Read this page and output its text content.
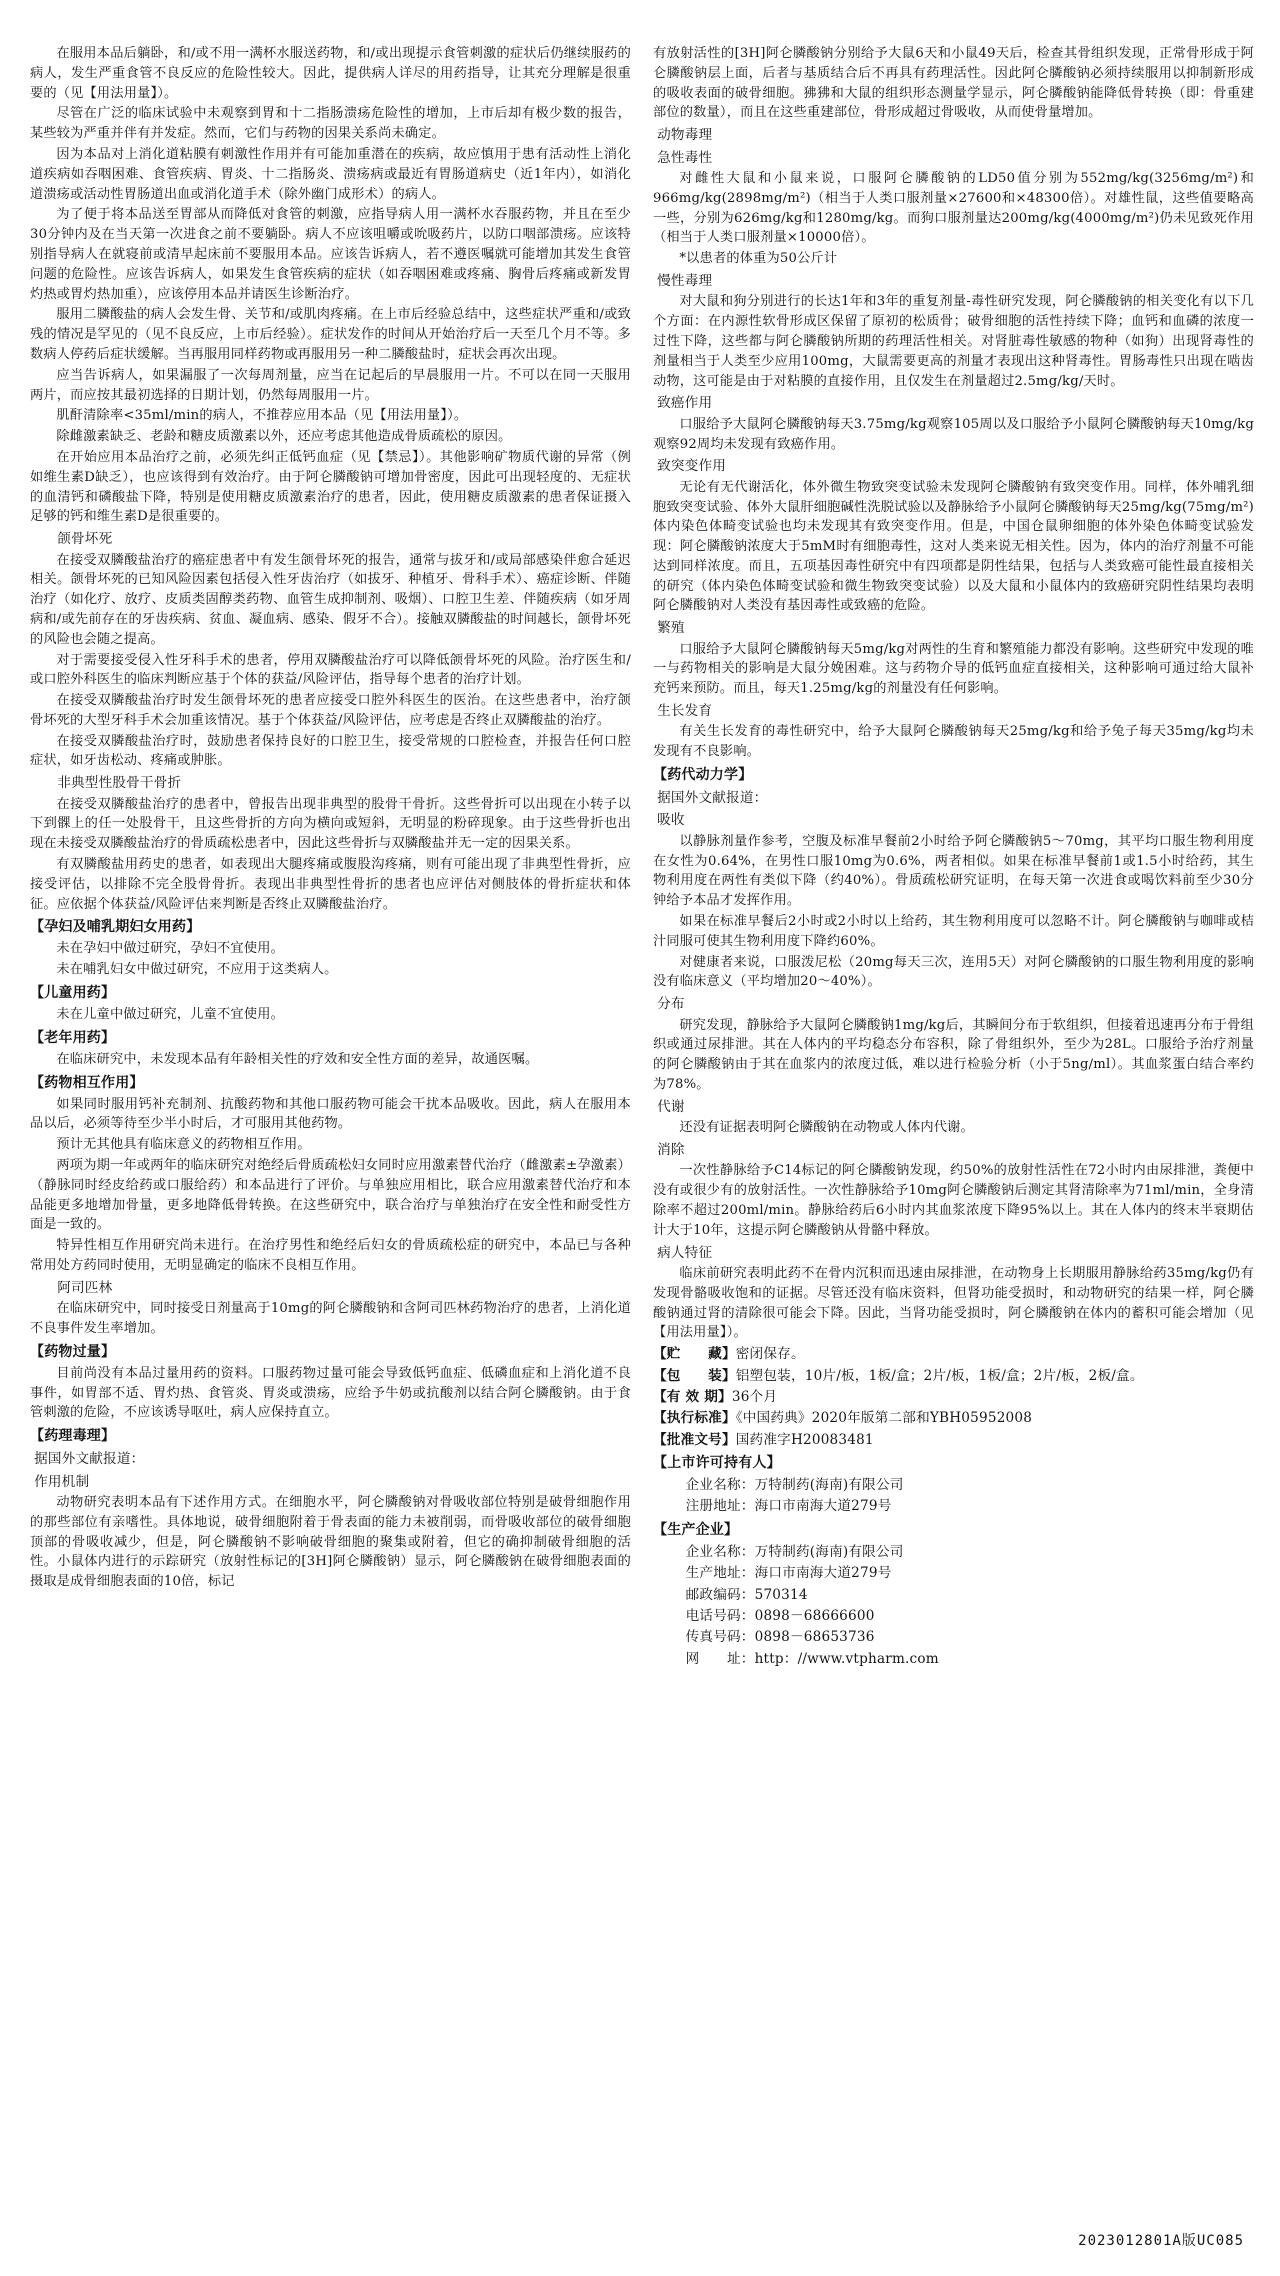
在服用本品后躺卧，和/或不用一满杯水服送药物，和/或出现提示食管刺激的症状后仍继续服药的病人，发生严重食管不良反应的危险性较大。因此，提供病人详尽的用药指导，让其充分理解是很重要的（见【用法用量】）。

尽管在广泛的临床试验中未观察到胃和十二指肠溃疡危险性的增加，上市后却有极少数的报告，某些较为严重并伴有并发症。然而，它们与药物的因果关系尚未确定。

因为本品对上消化道粘膜有刺激性作用并有可能加重潜在的疾病，故应慎用于患有活动性上消化道疾病如吞咽困难、食管疾病、胃炎、十二指肠炎、溃疡病或最近有胃肠道病史（近1年内），如消化道溃疡或活动性胃肠道出血或消化道手术（除外幽门成形术）的病人。

为了便于将本品送至胃部从而降低对食管的刺激，应指导病人用一满杯水吞服药物，并且在至少30分钟内及在当天第一次进食之前不要躺卧。病人不应该咀嚼或吮吸药片，以防口咽部溃疡。应该特别指导病人在就寝前或清早起床前不要服用本品。应该告诉病人，若不遵医嘱就可能增加其发生食管问题的危险性。应该告诉病人，如果发生食管疾病的症状（如吞咽困难或疼痛、胸骨后疼痛或新发胃灼热或胃灼热加重），应该停用本品并请医生诊断治疗。

服用二膦酸盐的病人会发生骨、关节和/或肌肉疼痛。在上市后经验总结中，这些症状严重和/或致残的情况是罕见的（见不良反应，上市后经验）。症状发作的时间从开始治疗后一天至几个月不等。多数病人停药后症状缓解。当再服用同样药物或再服用另一种二膦酸盐时，症状会再次出现。

应当告诉病人，如果漏服了一次每周剂量，应当在记起后的早晨服用一片。不可以在同一天服用两片，而应按其最初选择的日期计划，仍然每周服用一片。

肌酐清除率<35ml/min的病人，不推荐应用本品（见【用法用量】）。

除雌激素缺乏、老龄和糖皮质激素以外，还应考虑其他造成骨质疏松的原因。

在开始应用本品治疗之前，必须先纠正低钙血症（见【禁忌】）。其他影响矿物质代谢的异常（例如维生素D缺乏），也应该得到有效治疗。由于阿仑膦酸钠可增加骨密度，因此可出现轻度的、无症状的血清钙和磷酸盐下降，特别是使用糖皮质激素治疗的患者，因此，使用糖皮质激素的患者保证摄入足够的钙和维生素D是很重要的。

颌骨坏死

在接受双膦酸盐治疗的癌症患者中有发生颌骨坏死的报告，通常与拔牙和/或局部感染伴愈合延迟相关。颌骨坏死的已知风险因素包括侵入性牙齿治疗（如拔牙、种植牙、骨科手术）、癌症诊断、伴随治疗（如化疗、放疗、皮质类固醇类药物、血管生成抑制剂、吸烟）、口腔卫生差、伴随疾病（如牙周病和/或先前存在的牙齿疾病、贫血、凝血病、感染、假牙不合）。接触双膦酸盐的时间越长，颌骨坏死的风险也会随之提高。

对于需要接受侵入性牙科手术的患者，停用双膦酸盐治疗可以降低颌骨坏死的风险。治疗医生和/或口腔外科医生的临床判断应基于个体的获益/风险评估，指导每个患者的治疗计划。

在接受双膦酸盐治疗时发生颌骨坏死的患者应接受口腔外科医生的医治。在这些患者中，治疗颌骨坏死的大型牙科手术会加重该情况。基于个体获益/风险评估，应考虑是否终止双膦酸盐的治疗。

在接受双膦酸盐治疗时，鼓励患者保持良好的口腔卫生，接受常规的口腔检查，并报告任何口腔症状，如牙齿松动、疼痛或肿胀。

非典型性股骨干骨折

在接受双膦酸盐治疗的患者中，曾报告出现非典型的股骨干骨折。这些骨折可以出现在小转子以下到髁上的任一处股骨干，且这些骨折的方向为横向或短斜，无明显的粉碎现象。由于这些骨折也出现在未接受双膦酸盐治疗的骨质疏松患者中，因此这些骨折与双膦酸盐并无一定的因果关系。

有双膦酸盐用药史的患者，如表现出大腿疼痛或腹股沟疼痛，则有可能出现了非典型性骨折，应接受评估，以排除不完全股骨骨折。表现出非典型性骨折的患者也应评估对侧肢体的骨折症状和体征。应依据个体获益/风险评估来判断是否终止双膦酸盐治疗。

【孕妇及哺乳期妇女用药】

未在孕妇中做过研究，孕妇不宜使用。

未在哺乳妇女中做过研究，不应用于这类病人。

【儿童用药】

未在儿童中做过研究，儿童不宜使用。

【老年用药】

在临床研究中，未发现本品有年龄相关性的疗效和安全性方面的差异，故通医嘱。

【药物相互作用】

如果同时服用钙补充制剂、抗酸药物和其他口服药物可能会干扰本品吸收。因此，病人在服用本品以后，必须等待至少半小时后，才可服用其他药物。

预计无其他具有临床意义的药物相互作用。

两项为期一年或两年的临床研究对绝经后骨质疏松妇女同时应用激素替代治疗（雌激素±孕激素）（静脉同时经皮给药或口服给药）和本品进行了评价。与单独应用相比，联合应用激素替代治疗和本品能更多地增加骨量，更多地降低骨转换。在这些研究中，联合治疗与单独治疗在安全性和耐受性方面是一致的。

特异性相互作用研究尚未进行。在治疗男性和绝经后妇女的骨质疏松症的研究中，本品已与各种常用处方药同时使用，无明显确定的临床不良相互作用。

阿司匹林

在临床研究中，同时接受日剂量高于10mg的阿仑膦酸钠和含阿司匹林药物治疗的患者，上消化道不良事件发生率增加。

【药物过量】

目前尚没有本品过量用药的资料。口服药物过量可能会导致低钙血症、低磷血症和上消化道不良事件，如胃部不适、胃灼热、食管炎、胃炎或溃疡，应给予牛奶或抗酸剂以结合阿仑膦酸钠。由于食管刺激的危险，不应该诱导呕吐，病人应保持直立。

【药理毒理】
据国外文献报道：
作用机制

动物研究表明本品有下述作用方式。在细胞水平，阿仑膦酸钠对骨吸收部位特别是破骨细胞作用的那些部位有亲嗜性。具体地说，破骨细胞附着于骨表面的能力未被削弱，而骨吸收部位的破骨细胞顶部的骨吸收减少，但是，阿仑膦酸钠不影响破骨细胞的聚集或附着，但它的确抑制破骨细胞的活性。小鼠体内进行的示踪研究（放射性标记的[3H]阿仑膦酸钠）显示，阿仑膦酸钠在破骨细胞表面的摄取是成骨细胞表面的10倍，标记

有放射活性的[3H]阿仑膦酸钠分别给予大鼠6天和小鼠49天后，检查其骨组织发现，正常骨形成于阿仑膦酸钠层上面，后者与基质结合后不再具有药理活性。因此阿仑膦酸钠必须持续服用以抑制新形成的吸收表面的破骨细胞。狒狒和大鼠的组织形态测量学显示，阿仑膦酸钠能降低骨转换（即：骨重建部位的数量），而且在这些重建部位，骨形成超过骨吸收，从而使骨量增加。

动物毒理
急性毒性

对雌性大鼠和小鼠来说，口服阿仑膦酸钠的LD50值分别为552mg/kg(3256mg/m²)和966mg/kg(2898mg/m²)（相当于人类口服剂量×27600和×48300倍）。对雄性鼠，这些值要略高一些，分别为626mg/kg和1280mg/kg。而狗口服剂量达200mg/kg(4000mg/m²)仍未见致死作用（相当于人类口服剂量×10000倍）。

*以患者的体重为50公斤计

慢性毒理

对大鼠和狗分别进行的长达1年和3年的重复剂量-毒性研究发现，阿仑膦酸钠的相关变化有以下几个方面：在内源性软骨形成区保留了原初的松质骨；破骨细胞的活性持续下降；血钙和血磷的浓度一过性下降，这些都与阿仑膦酸钠所期的药理活性相关。对肾脏毒性敏感的物种（如狗）出现肾毒性的剂量相当于人类至少应用100mg，大鼠需要更高的剂量才表现出这种肾毒性。胃肠毒性只出现在啮齿动物，这可能是由于对粘膜的直接作用，且仅发生在剂量超过2.5mg/kg/天时。

致癌作用

口服给予大鼠阿仑膦酸钠每天3.75mg/kg观察105周以及口服给予小鼠阿仑膦酸钠每天10mg/kg观察92周均未发现有致癌作用。

致突变作用

无论有无代谢活化，体外微生物致突变试验未发现阿仑膦酸钠有致突变作用。同样，体外哺乳细胞致突变试验、体外大鼠肝细胞碱性洗脱试验以及静脉给予小鼠阿仑膦酸钠每天25mg/kg(75mg/m²)体内染色体畸变试验也均未发现其有致突变作用。但是，中国仓鼠卵细胞的体外染色体畸变试验发现：阿仑膦酸钠浓度大于5mM时有细胞毒性，这对人类来说无相关性。因为，体内的治疗剂量不可能达到同样浓度。而且，五项基因毒性研究中有四项都是阴性结果，包括与人类致癌可能性最直接相关的研究（体内染色体畸变试验和微生物致突变试验）以及大鼠和小鼠体内的致癌研究阴性结果均表明阿仑膦酸钠对人类没有基因毒性或致癌的危险。

繁殖

口服给予大鼠阿仑膦酸钠每天5mg/kg对两性的生育和繁殖能力都没有影响。这些研究中发现的唯一与药物相关的影响是大鼠分娩困难。这与药物介导的低钙血症直接相关，这种影响可通过给大鼠补充钙来预防。而且，每天1.25mg/kg的剂量没有任何影响。

生长发育

有关生长发育的毒性研究中，给予大鼠阿仑膦酸钠每天25mg/kg和给予兔子每天35mg/kg均未发现有不良影响。

【药代动力学】
据国外文献报道：
吸收

以静脉剂量作参考，空腹及标准早餐前2小时给予阿仑膦酸钠5～70mg，其平均口服生物利用度在女性为0.64%，在男性口服10mg为0.6%，两者相似。如果在标准早餐前1或1.5小时给药，其生物利用度在两性有类似下降（约40%）。骨质疏松研究证明，在每天第一次进食或喝饮料前至少30分钟给予本品才发挥作用。

如果在标准早餐后2小时或2小时以上给药，其生物利用度可以忽略不计。阿仑膦酸钠与咖啡或桔汁同服可使其生物利用度下降约60%。

对健康者来说，口服泼尼松（20mg每天三次，连用5天）对阿仑膦酸钠的口服生物利用度的影响没有临床意义（平均增加20～40%）。

分布

研究发现，静脉给予大鼠阿仑膦酸钠1mg/kg后，其瞬间分布于软组织，但接着迅速再分布于骨组织或通过尿排泄。其在人体内的平均稳态分布容积，除了骨组织外，至少为28L。口服给予治疗剂量的阿仑膦酸钠由于其在血浆内的浓度过低，难以进行检验分析（小于5ng/ml）。其血浆蛋白结合率约为78%。

代谢

还没有证据表明阿仑膦酸钠在动物或人体内代谢。

消除

一次性静脉给予C14标记的阿仑膦酸钠发现，约50%的放射性活性在72小时内由尿排泄，粪便中没有或很少有的放射活性。一次性静脉给予10mg阿仑膦酸钠后测定其肾清除率为71ml/min，全身清除率不超过200ml/min。静脉给药后6小时内其血浆浓度下降95%以上。其在人体内的终末半衰期估计大于10年，这提示阿仑膦酸钠从骨骼中释放。

病人特征

临床前研究表明此药不在骨内沉积而迅速由尿排泄，在动物身上长期服用静脉给药35mg/kg仍有发现骨骼吸收饱和的证据。尽管还没有临床资料，但肾功能受损时，和动物研究的结果一样，阿仑膦酸钠通过肾的清除很可能会下降。因此，当肾功能受损时，阿仑膦酸钠在体内的蓄积可能会增加（见【用法用量】）。

【贮　　藏】密闭保存。
【包　　装】铝塑包装，10片/板，1板/盒；2片/板，1板/盒；2片/板，2板/盒。
【有 效 期】36个月
【执行标准】《中国药典》2020年版第二部和YBH05952008
【批准文号】国药准字H20083481
【上市许可持有人】
企业名称：万特制药(海南)有限公司
注册地址：海口市南海大道279号
【生产企业】
企业名称：万特制药(海南)有限公司
生产地址：海口市南海大道279号
邮政编码：570314
电话号码：0898－68666600
传真号码：0898－68653736
网　　址：http：//www.vtpharm.com
2023012801A版UC085
